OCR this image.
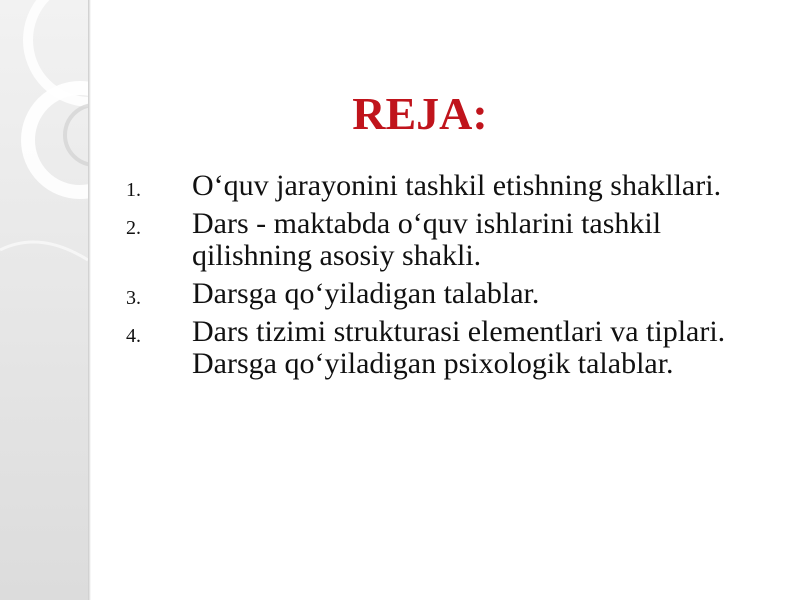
REJA:
1. O‘quv jarayonini tashkil etishning shakllari.
2. Dars - maktabda o‘quv ishlarini tashkil qilishning asosiy shakli.
3. Darsga qo‘yiladigan talablar.
4. Dars tizimi strukturasi elementlari va tiplari. Darsga qo‘yiladigan psixologik talablar.
